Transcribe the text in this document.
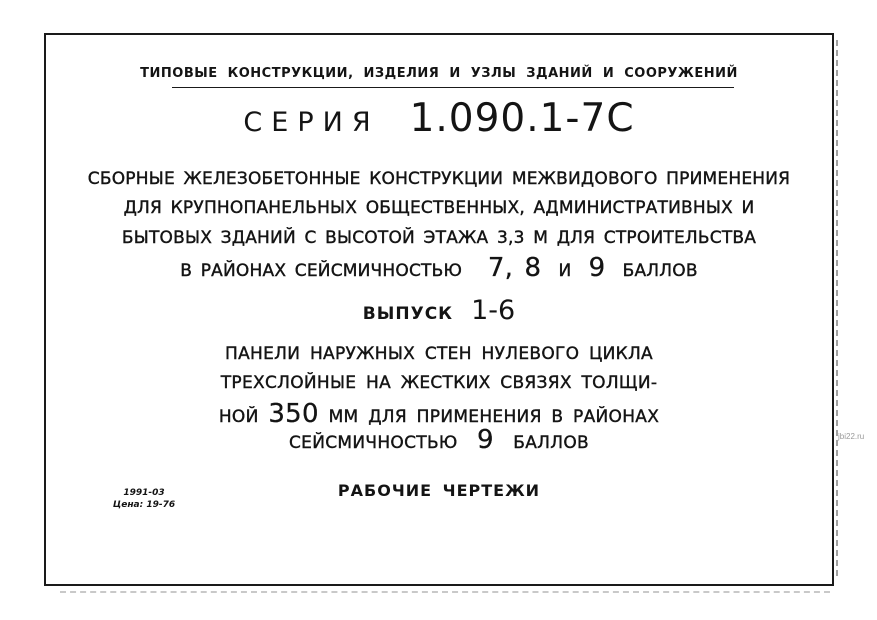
ТИПОВЫЕ КОНСТРУКЦИИ, ИЗДЕЛИЯ И УЗЛЫ ЗДАНИЙ И СООРУЖЕНИЙ
СЕРИЯ 1.090.1-7С
СБОРНЫЕ ЖЕЛЕЗОБЕТОННЫЕ КОНСТРУКЦИИ МЕЖВИДОВОГО ПРИМЕНЕНИЯ
ДЛЯ КРУПНОПАНЕЛЬНЫХ ОБЩЕСТВЕННЫХ, АДМИНИСТРАТИВНЫХ И
БЫТОВЫХ ЗДАНИЙ С ВЫСОТОЙ ЭТАЖА 3,3 М ДЛЯ СТРОИТЕЛЬСТВА
В РАЙОНАХ СЕЙСМИЧНОСТЬЮ 7, 8 И 9 БАЛЛОВ
ВЫПУСК 1-6
ПАНЕЛИ НАРУЖНЫХ СТЕН НУЛЕВОГО ЦИКЛА
ТРЕХСЛОЙНЫЕ НА ЖЕСТКИХ СВЯЗЯХ ТОЛЩИ-
НОЙ 350 ММ ДЛЯ ПРИМЕНЕНИЯ В РАЙОНАХ
СЕЙСМИЧНОСТЬЮ 9 БАЛЛОВ
РАБОЧИЕ ЧЕРТЕЖИ
1991-03
Цена: 19-76
jbi22.ru
